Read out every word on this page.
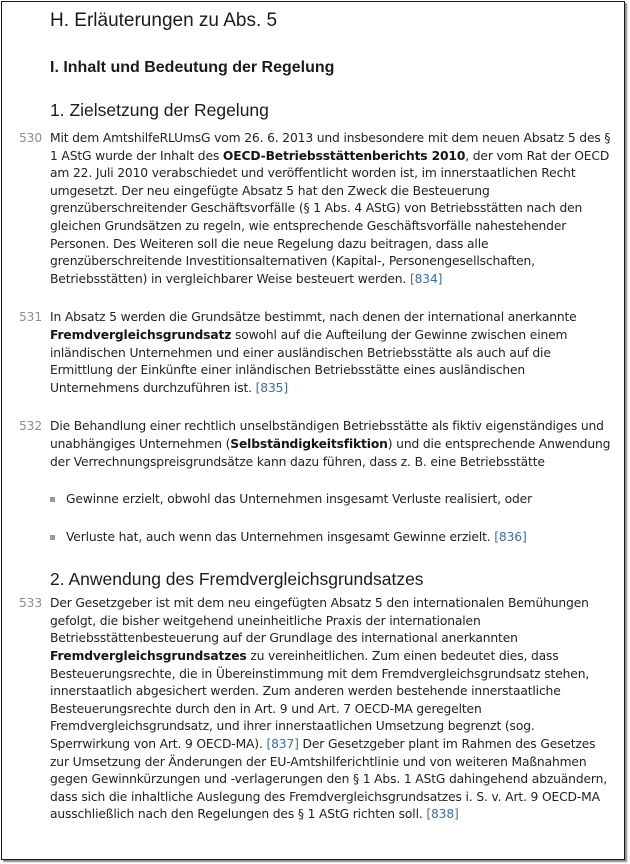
H. Erläuterungen zu Abs. 5
I. Inhalt und Bedeutung der Regelung
1. Zielsetzung der Regelung

530 Mit dem AmtshilfeRLUmsG vom 26. 6. 2013 und insbesondere mit dem neuen Absatz 5 des § 1 AStG wurde der Inhalt des OECD-Betriebsstättenberichts 2010, der vom Rat der OECD am 22. Juli 2010 verabschiedet und veröffentlicht worden ist, im innerstaatlichen Recht umgesetzt. Der neu eingefügte Absatz 5 hat den Zweck die Besteuerung grenzüberschreitender Geschäftsvorfälle (§ 1 Abs. 4 AStG) von Betriebsstätten nach den gleichen Grundsätzen zu regeln, wie entsprechende Geschäftsvorfälle nahestehender Personen. Des Weiteren soll die neue Regelung dazu beitragen, dass alle grenzüberschreitende Investitionsalternativen (Kapital-, Personengesellschaften, Betriebsstätten) in vergleichbarer Weise besteuert werden. [834]

531 In Absatz 5 werden die Grundsätze bestimmt, nach denen der international anerkannte Fremdvergleichsgrundsatz sowohl auf die Aufteilung der Gewinne zwischen einem inländischen Unternehmen und einer ausländischen Betriebsstätte als auch auf die Ermittlung der Einkünfte einer inländischen Betriebsstätte eines ausländischen Unternehmens durchzuführen ist. [835]

532 Die Behandlung einer rechtlich unselbständigen Betriebsstätte als fiktiv eigenständiges und unabhängiges Unternehmen (Selbständigkeitsfiktion) und die entsprechende Anwendung der Verrechnungspreisgrundsätze kann dazu führen, dass z. B. eine Betriebsstätte

Gewinne erzielt, obwohl das Unternehmen insgesamt Verluste realisiert, oder
Verluste hat, auch wenn das Unternehmen insgesamt Gewinne erzielt. [836]
2. Anwendung des Fremdvergleichsgrundsatzes

533 Der Gesetzgeber ist mit dem neu eingefügten Absatz 5 den internationalen Bemühungen gefolgt, die bisher weitgehend uneinheitliche Praxis der internationalen Betriebsstättenbesteuerung auf der Grundlage des international anerkannten Fremdvergleichsgrundsatzes zu vereinheitlichen. Zum einen bedeutet dies, dass Besteuerungsrechte, die in Übereinstimmung mit dem Fremdvergleichsgrundsatz stehen, innerstaatlich abgesichert werden. Zum anderen werden bestehende innerstaatliche Besteuerungsrechte durch den in Art. 9 und Art. 7 OECD-MA geregelten Fremdvergleichsgrundsatz, und ihrer innerstaatlichen Umsetzung begrenzt (sog. Sperrwirkung von Art. 9 OECD-MA). [837] Der Gesetzgeber plant im Rahmen des Gesetzes zur Umsetzung der Änderungen der EU-Amtshilferichtlinie und von weiteren Maßnahmen gegen Gewinnkürzungen und -verlagerungen den § 1 Abs. 1 AStG dahingehend abzuändern, dass sich die inhaltliche Auslegung des Fremdvergleichsgrundsatzes i. S. v. Art. 9 OECD-MA ausschließlich nach den Regelungen des § 1 AStG richten soll. [838]
